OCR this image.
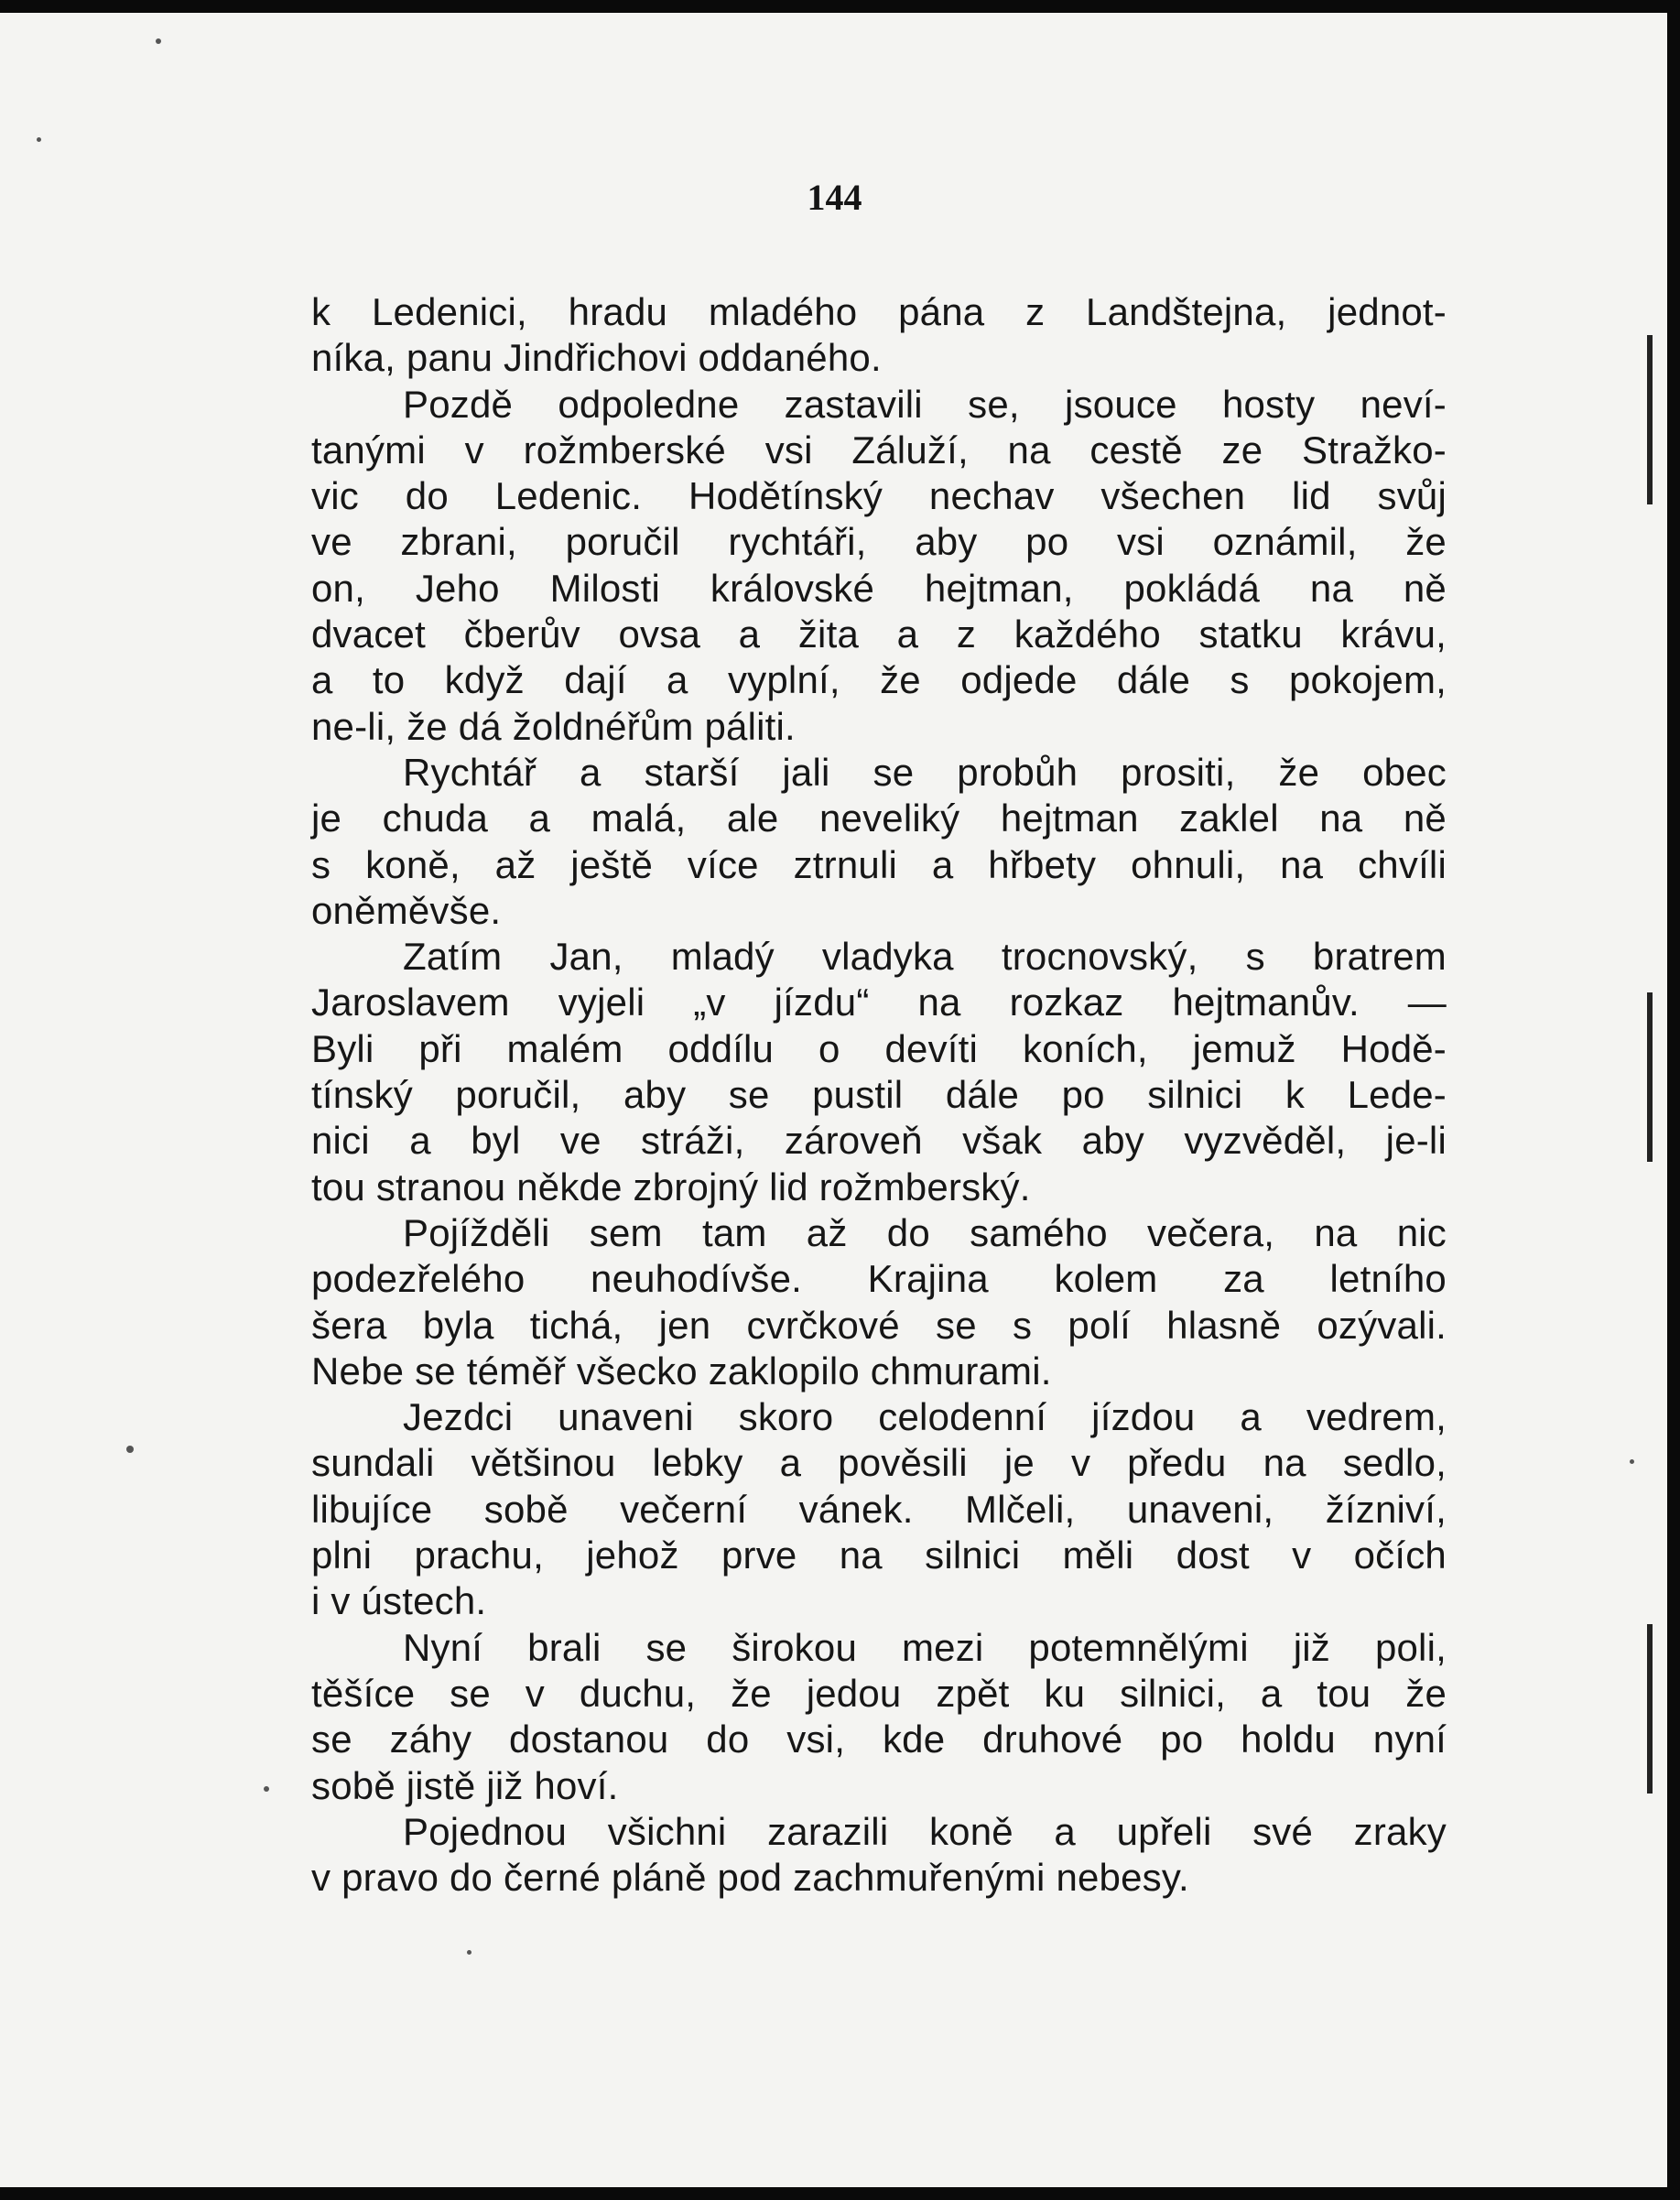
144
k Ledenici, hradu mladého pána z Landštejna, jednot-
níka, panu Jindřichovi oddaného.
Pozdě odpoledne zastavili se, jsouce hosty neví-
tanými v rožmberské vsi Záluží, na cestě ze Stražko-
vic do Ledenic. Hodětínský nechav všechen lid svůj
ve zbrani, poručil rychtáři, aby po vsi oznámil, že
on, Jeho Milosti královské hejtman, pokládá na ně
dvacet čberův ovsa a žita a z každého statku krávu,
a to když dají a vyplní, že odjede dále s pokojem,
ne-li, že dá žoldnéřům páliti.
Rychtář a starší jali se probůh prositi, že obec
je chuda a malá, ale neveliký hejtman zaklel na ně
s koně, až ještě více ztrnuli a hřbety ohnuli, na chvíli
oněměvše.
Zatím Jan, mladý vladyka trocnovský, s bratrem
Jaroslavem vyjeli „v jízdu“ na rozkaz hejtmanův. —
Byli při malém oddílu o devíti koních, jemuž Hodě-
tínský poručil, aby se pustil dále po silnici k Lede-
nici a byl ve stráži, zároveň však aby vyzvěděl, je-li
tou stranou někde zbrojný lid rožmberský.
Pojížděli sem tam až do samého večera, na nic
podezřelého neuhodívše. Krajina kolem za letního
šera byla tichá, jen cvrčkové se s polí hlasně ozývali.
Nebe se téměř všecko zaklopilo chmurami.
Jezdci unaveni skoro celodenní jízdou a vedrem,
sundali většinou lebky a pověsili je v předu na sedlo,
libujíce sobě večerní vánek. Mlčeli, unaveni, žízniví,
plni prachu, jehož prve na silnici měli dost v očích
i v ústech.
Nyní brali se širokou mezi potemnělými již poli,
těšíce se v duchu, že jedou zpět ku silnici, a tou že
se záhy dostanou do vsi, kde druhové po holdu nyní
sobě jistě již hoví.
Pojednou všichni zarazili koně a upřeli své zraky
v pravo do černé pláně pod zachmuřenými nebesy.
